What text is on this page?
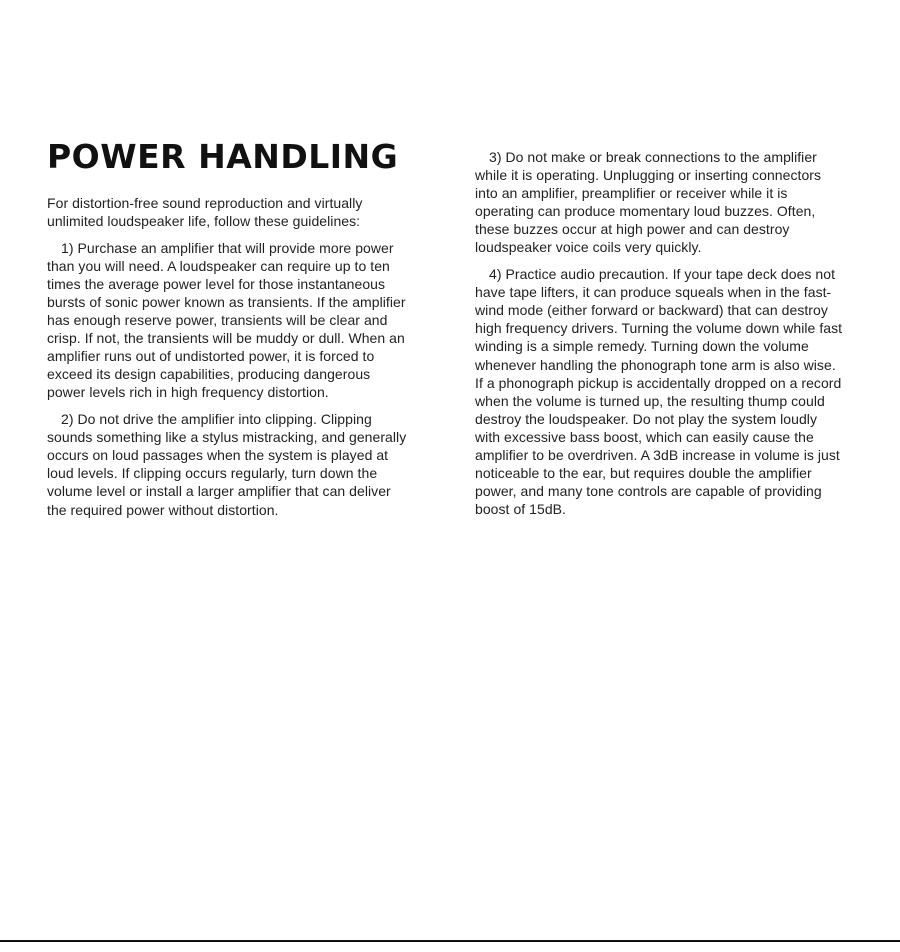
POWER HANDLING

For distortion-free sound reproduction and virtually unlimited loudspeaker life, follow these guidelines:

1) Purchase an amplifier that will provide more power than you will need. A loudspeaker can require up to ten times the average power level for those instantaneous bursts of sonic power known as transients. If the amplifier has enough reserve power, transients will be clear and crisp. If not, the transients will be muddy or dull. When an amplifier runs out of undistorted power, it is forced to exceed its design capabilities, producing dangerous power levels rich in high frequency distortion.

2) Do not drive the amplifier into clipping. Clipping sounds something like a stylus mistracking, and generally occurs on loud passages when the system is played at loud levels. If clipping occurs regularly, turn down the volume level or install a larger amplifier that can deliver the required power without distortion.

3) Do not make or break connections to the amplifier while it is operating. Unplugging or inserting connectors into an amplifier, preamplifier or receiver while it is operating can produce momentary loud buzzes. Often, these buzzes occur at high power and can destroy loudspeaker voice coils very quickly.

4) Practice audio precaution. If your tape deck does not have tape lifters, it can produce squeals when in the fast-wind mode (either forward or backward) that can destroy high frequency drivers. Turning the volume down while fast winding is a simple remedy. Turning down the volume whenever handling the phonograph tone arm is also wise. If a phonograph pickup is accidentally dropped on a record when the volume is turned up, the resulting thump could destroy the loudspeaker. Do not play the system loudly with excessive bass boost, which can easily cause the amplifier to be overdriven. A 3dB increase in volume is just noticeable to the ear, but requires double the amplifier power, and many tone controls are capable of providing boost of 15dB.
